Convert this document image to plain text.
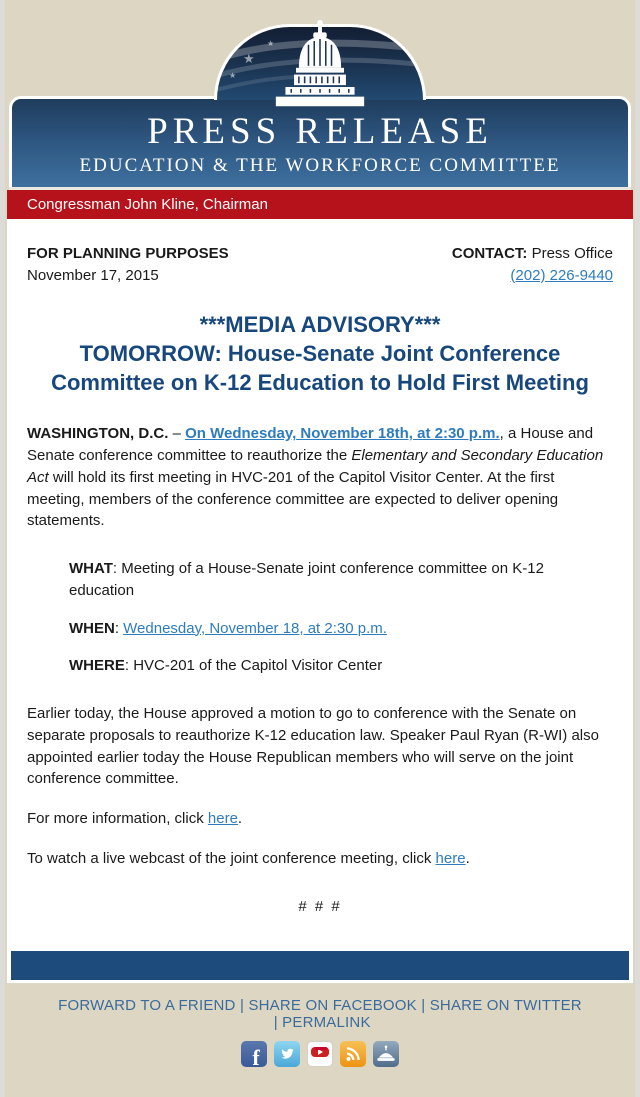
★
★
★
PRESS RELEASE
EDUCATION & THE WORKFORCE COMMITTEE
Congressman John Kline, Chairman
FOR PLANNING PURPOSES
November 17, 2015
CONTACT: Press Office
(202) 226-9440
***MEDIA ADVISORY***
TOMORROW: House-Senate Joint Conference Committee on K-12 Education to Hold First Meeting

WASHINGTON, D.C. – On Wednesday, November 18th, at 2:30 p.m., a House and Senate conference committee to reauthorize the Elementary and Secondary Education Act will hold its first meeting in HVC-201 of the Capitol Visitor Center. At the first meeting, members of the conference committee are expected to deliver opening statements.

WHAT: Meeting of a House-Senate joint conference committee on K-12 education
WHEN: Wednesday, November 18, at 2:30 p.m.
WHERE: HVC-201 of the Capitol Visitor Center

Earlier today, the House approved a motion to go to conference with the Senate on separate proposals to reauthorize K-12 education law. Speaker Paul Ryan (R-WI) also appointed earlier today the House Republican members who will serve on the joint conference committee.

For more information, click here.

To watch a live webcast of the joint conference meeting, click here.

# # #
FORWARD TO A FRIEND | SHARE ON FACEBOOK | SHARE ON TWITTER | PERMALINK
f
